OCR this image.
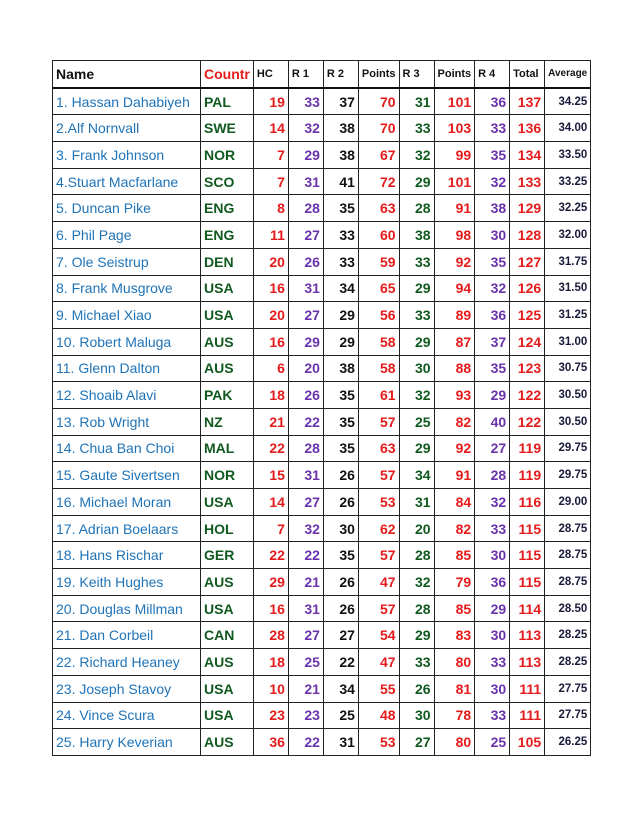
Name	Countr	HC	R 1	R 2	Points	R 3	Points	R 4	Total	Average
1. Hassan Dahabiyeh	PAL	19	33	37	70	31	101	36	137	34.25
2.Alf Nornvall	SWE	14	32	38	70	33	103	33	136	34.00
3. Frank Johnson	NOR	7	29	38	67	32	99	35	134	33.50
4.Stuart Macfarlane	SCO	7	31	41	72	29	101	32	133	33.25
5. Duncan Pike	ENG	8	28	35	63	28	91	38	129	32.25
6. Phil Page	ENG	11	27	33	60	38	98	30	128	32.00
7. Ole Seistrup	DEN	20	26	33	59	33	92	35	127	31.75
8. Frank Musgrove	USA	16	31	34	65	29	94	32	126	31.50
9. Michael Xiao	USA	20	27	29	56	33	89	36	125	31.25
10. Robert Maluga	AUS	16	29	29	58	29	87	37	124	31.00
11. Glenn Dalton	AUS	6	20	38	58	30	88	35	123	30.75
12. Shoaib Alavi	PAK	18	26	35	61	32	93	29	122	30.50
13. Rob Wright	NZ	21	22	35	57	25	82	40	122	30.50
14. Chua Ban Choi	MAL	22	28	35	63	29	92	27	119	29.75
15. Gaute Sivertsen	NOR	15	31	26	57	34	91	28	119	29.75
16. Michael Moran	USA	14	27	26	53	31	84	32	116	29.00
17. Adrian Boelaars	HOL	7	32	30	62	20	82	33	115	28.75
18. Hans Rischar	GER	22	22	35	57	28	85	30	115	28.75
19. Keith Hughes	AUS	29	21	26	47	32	79	36	115	28.75
20. Douglas Millman	USA	16	31	26	57	28	85	29	114	28.50
21. Dan Corbeil	CAN	28	27	27	54	29	83	30	113	28.25
22. Richard Heaney	AUS	18	25	22	47	33	80	33	113	28.25
23. Joseph Stavoy	USA	10	21	34	55	26	81	30	111	27.75
24. Vince Scura	USA	23	23	25	48	30	78	33	111	27.75
25. Harry Keverian	AUS	36	22	31	53	27	80	25	105	26.25
